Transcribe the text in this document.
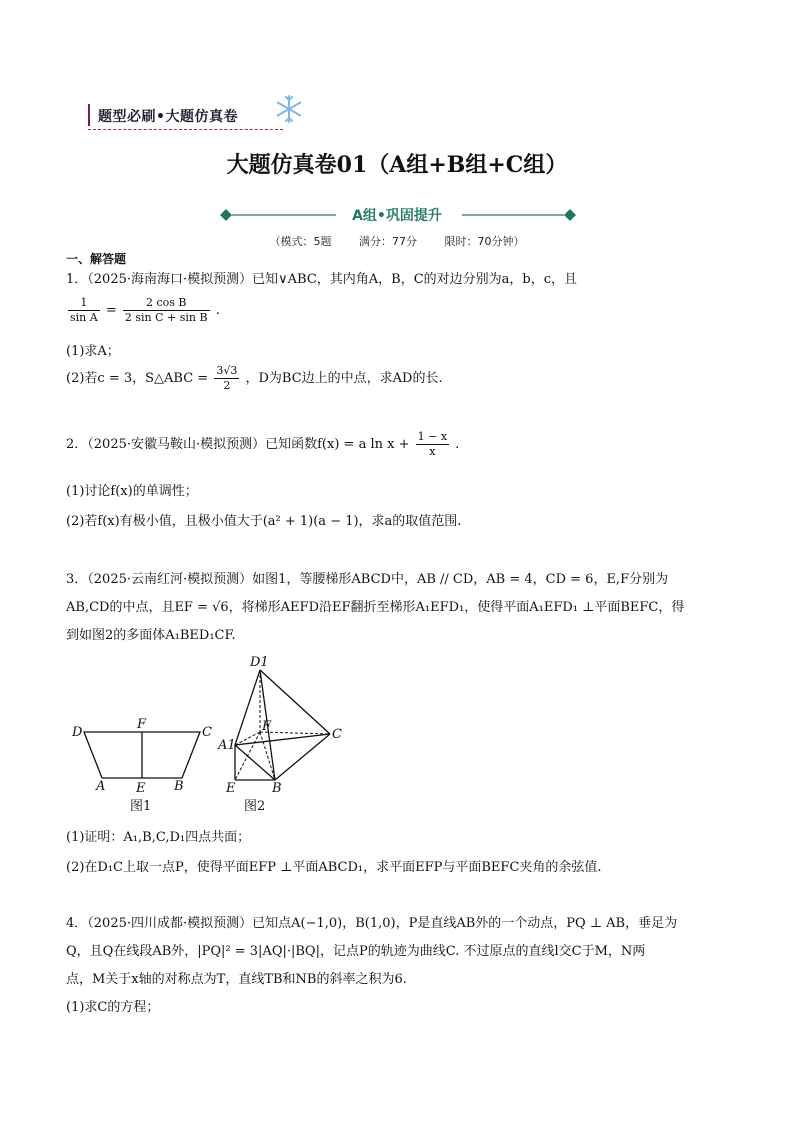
题型必刷•大题仿真卷
大题仿真卷01（A组+B组+C组）
A组•巩固提升
（模式：5题	满分：77分	限时：70分钟）
一、解答题
1．（2025·海南海口·模拟预测）已知∨ABC，其内角A，B，C的对边分别为a，b，c，且
$\frac{1}{\text{sin A}} = \frac{\text{2 cos B}}{\text{2 sin C + sin B}}$ .
(1)求A；
(2)若c = 3，S△ABC = $\frac{3√3}{2}$ ，D为BC边上的中点，求AD的长.
2．（2025·安徽马鞍山·模拟预测）已知函数f(x) = a $\ln x + \frac{1 - x}{x}$ .
(1)讨论f(x)的单调性；
(2)若f(x)有极小值，且极小值大于(a² + 1)(a − 1)，求a的取值范围.
3．（2025·云南红河·模拟预测）如图1，等腰梯形ABCD中，AB // CD，AB = 4，CD = 6，E,F分别为
AB,CD的中点，且EF = √6，将梯形AEFD沿EF翻折至梯形A₁EFD₁，使得平面A₁EFD₁ ⊥平面BEFC，得
到如图2的多面体A₁BED₁CF.
D
F
C
A E B
图1
D1
F
C
A1
E	B
图2
(1)证明：A₁,B,C,D₁四点共面；
(2)在D₁C上取一点P，使得平面EFP ⊥平面ABCD₁，求平面EFP与平面BEFC夹角的余弦值.
4．（2025·四川成都·模拟预测）已知点A(−1,0)，B(1,0)，P是直线AB外的一个动点，PQ ⊥ AB，垂足为
Q，且Q在线段AB外，|PQ|² = 3|AQ|·|BQ|，记点P的轨迹为曲线C. 不过原点的直线l交C于M，N两
点，M关于x轴的对称点为T，直线TB和NB的斜率之积为6.
(1)求C的方程；
